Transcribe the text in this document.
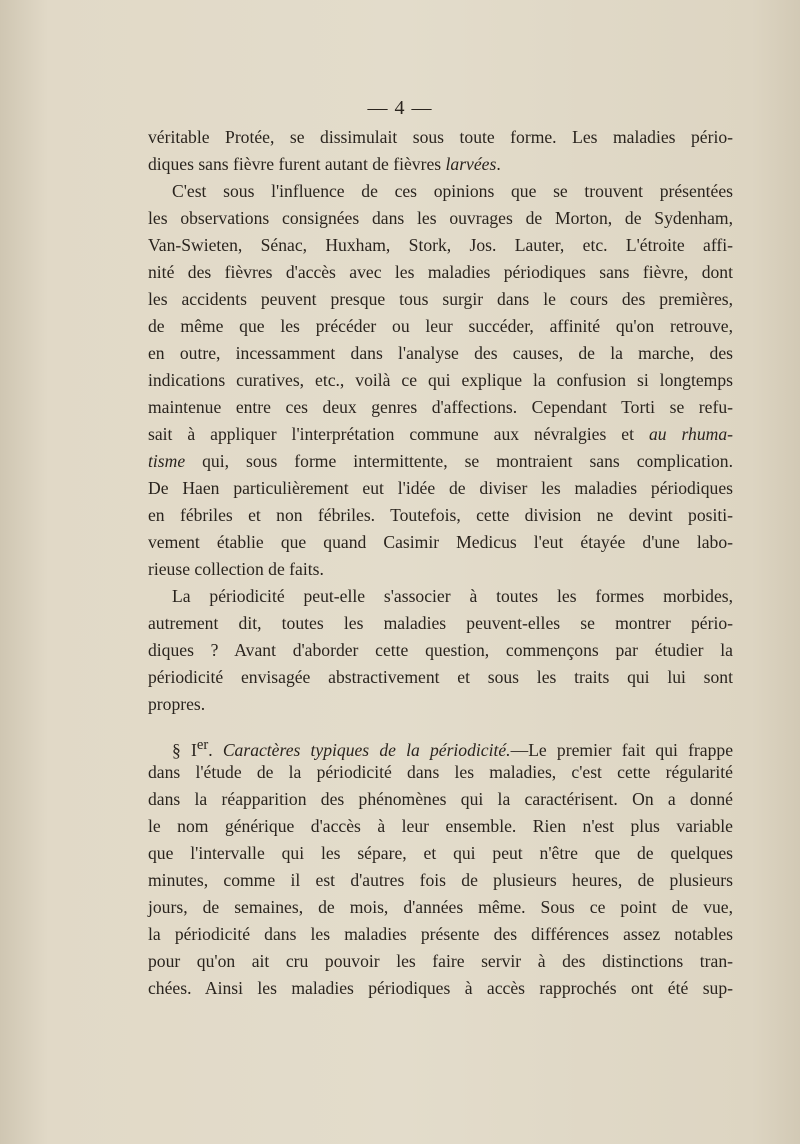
— 4 —
véritable Protée, se dissimulait sous toute forme. Les maladies pério-
diques sans fièvre furent autant de fièvres larvées.
C'est sous l'influence de ces opinions que se trouvent présentées
les observations consignées dans les ouvrages de Morton, de Sydenham,
Van-Swieten, Sénac, Huxham, Stork, Jos. Lauter, etc. L'étroite affi-
nité des fièvres d'accès avec les maladies périodiques sans fièvre, dont
les accidents peuvent presque tous surgir dans le cours des premières,
de même que les précéder ou leur succéder, affinité qu'on retrouve,
en outre, incessamment dans l'analyse des causes, de la marche, des
indications curatives, etc., voilà ce qui explique la confusion si longtemps
maintenue entre ces deux genres d'affections. Cependant Torti se refu-
sait à appliquer l'interprétation commune aux névralgies et au rhuma-
tisme qui, sous forme intermittente, se montraient sans complication.
De Haen particulièrement eut l'idée de diviser les maladies périodiques
en fébriles et non fébriles. Toutefois, cette division ne devint positi-
vement établie que quand Casimir Medicus l'eut étayée d'une labo-
rieuse collection de faits.
La périodicité peut-elle s'associer à toutes les formes morbides,
autrement dit, toutes les maladies peuvent-elles se montrer pério-
diques ? Avant d'aborder cette question, commençons par étudier la
périodicité envisagée abstractivement et sous les traits qui lui sont
propres.
§ Ier. Caractères typiques de la périodicité.—Le premier fait qui frappe
dans l'étude de la périodicité dans les maladies, c'est cette régularité
dans la réapparition des phénomènes qui la caractérisent. On a donné
le nom générique d'accès à leur ensemble. Rien n'est plus variable
que l'intervalle qui les sépare, et qui peut n'être que de quelques
minutes, comme il est d'autres fois de plusieurs heures, de plusieurs
jours, de semaines, de mois, d'années même. Sous ce point de vue,
la périodicité dans les maladies présente des différences assez notables
pour qu'on ait cru pouvoir les faire servir à des distinctions tran-
chées. Ainsi les maladies périodiques à accès rapprochés ont été sup-
